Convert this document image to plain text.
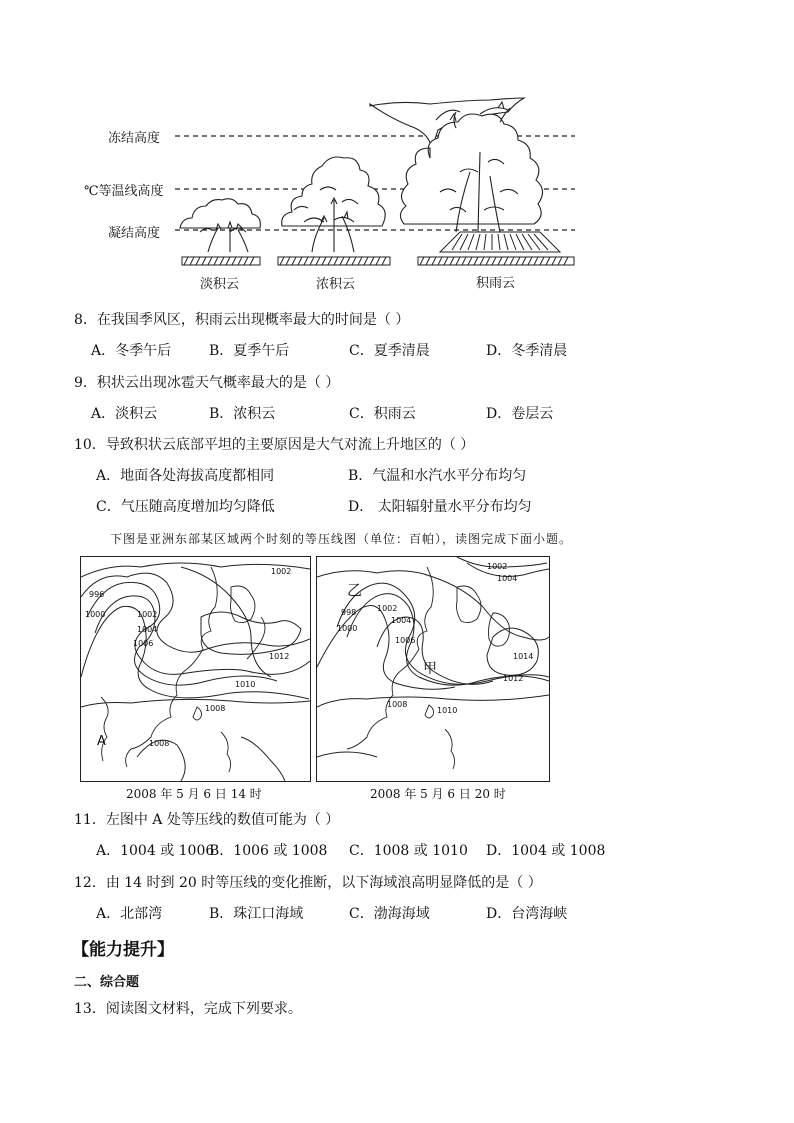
冻结高度
℃等温线高度
凝结高度
淡积云	浓积云	积雨云
8．在我国季风区，积雨云出现概率最大的时间是（ ）
A．冬季午后	B．夏季午后	C．夏季清晨	D．冬季清晨
9．积状云出现冰雹天气概率最大的是（ ）
A．淡积云	B．浓积云	C．积雨云	D．卷层云
10．导致积状云底部平坦的主要原因是大气对流上升地区的（ ）
A．地面各处海拔高度都相同	B．气温和水汽水平分布均匀
C．气压随高度增加均匀降低	D． 太阳辐射量水平分布均匀
下图是亚洲东部某区域两个时刻的等压线图（单位：百帕），读图完成下面小题。
1002
996
1000	1002
1004
1006
1012
1010
1008
1008
A
2008 年 5 月 6 日 14 时
1002
1004
998
1000
1002
1004
1006
1014
1012
1008
1010
乙
甲
2008 年 5 月 6 日 20 时
11．左图中 A 处等压线的数值可能为（ ）
A．1004 或 1006
B．1006 或 1008 C．1008 或 1010 D．1004 或 1008
12．由 14 时到 20 时等压线的变化推断，以下海域浪高明显降低的是（ ）
A．北部湾	B．珠江口海域	C．渤海海域	D．台湾海峡
【能力提升】
二、综合题
13．阅读图文材料，完成下列要求。
